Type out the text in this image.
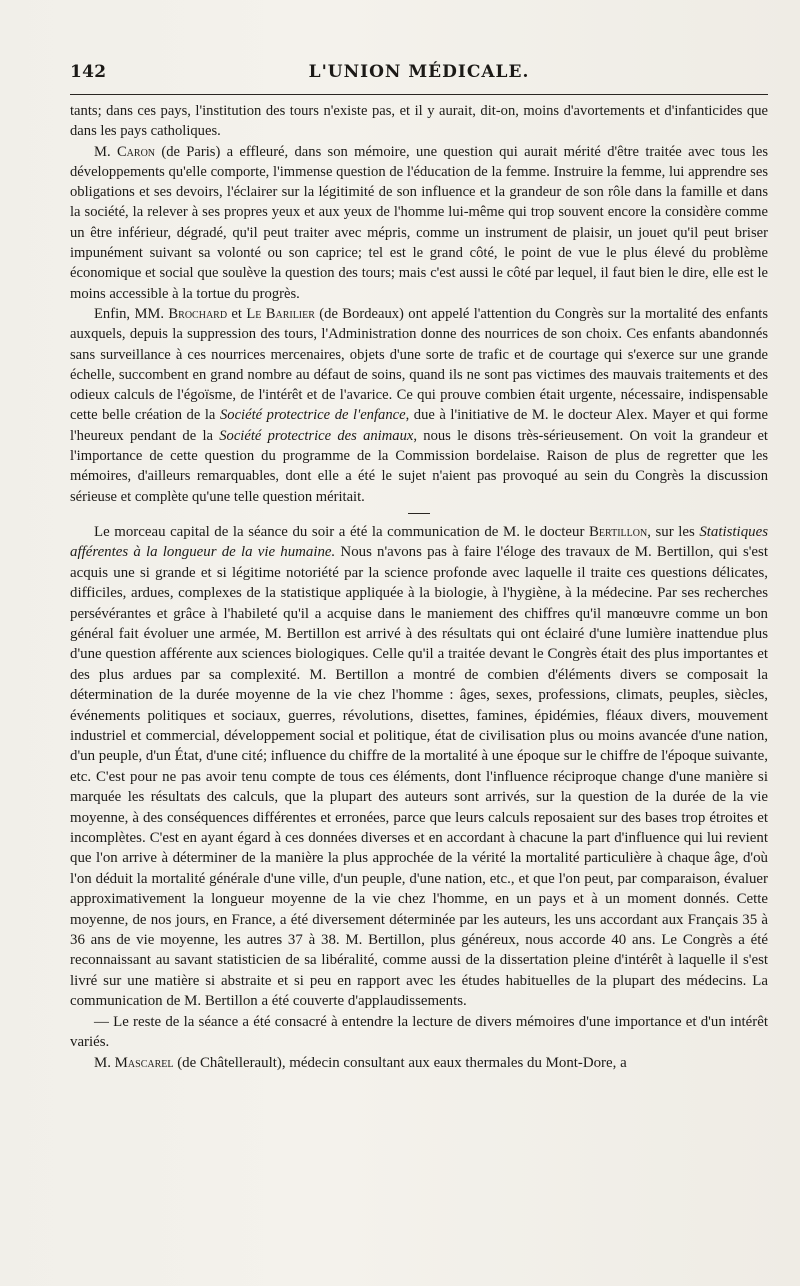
142	L'UNION MÉDICALE.

tants; dans ces pays, l'institution des tours n'existe pas, et il y aurait, dit-on, moins d'avortements et d'infanticides que dans les pays catholiques.

M. Caron (de Paris) a effleuré, dans son mémoire, une question qui aurait mérité d'être traitée avec tous les développements qu'elle comporte, l'immense question de l'éducation de la femme. Instruire la femme, lui apprendre ses obligations et ses devoirs, l'éclairer sur la légitimité de son influence et la grandeur de son rôle dans la famille et dans la société, la relever à ses propres yeux et aux yeux de l'homme lui-même qui trop souvent encore la considère comme un être inférieur, dégradé, qu'il peut traiter avec mépris, comme un instrument de plaisir, un jouet qu'il peut briser impunément suivant sa volonté ou son caprice; tel est le grand côté, le point de vue le plus élevé du problème économique et social que soulève la question des tours; mais c'est aussi le côté par lequel, il faut bien le dire, elle est le moins accessible à la tortue du progrès.

Enfin, MM. Brochard et Le Barilier (de Bordeaux) ont appelé l'attention du Congrès sur la mortalité des enfants auxquels, depuis la suppression des tours, l'Administration donne des nourrices de son choix. Ces enfants abandonnés sans surveillance à ces nourrices mercenaires, objets d'une sorte de trafic et de courtage qui s'exerce sur une grande échelle, succombent en grand nombre au défaut de soins, quand ils ne sont pas victimes des mauvais traitements et des odieux calculs de l'égoïsme, de l'intérêt et de l'avarice. Ce qui prouve combien était urgente, nécessaire, indispensable cette belle création de la Société protectrice de l'enfance, due à l'initiative de M. le docteur Alex. Mayer et qui forme l'heureux pendant de la Société protectrice des animaux, nous le disons très-sérieusement. On voit la grandeur et l'importance de cette question du programme de la Commission bordelaise. Raison de plus de regretter que les mémoires, d'ailleurs remarquables, dont elle a été le sujet n'aient pas provoqué au sein du Congrès la discussion sérieuse et complète qu'une telle question méritait.

Le morceau capital de la séance du soir a été la communication de M. le docteur Bertillon, sur les Statistiques afférentes à la longueur de la vie humaine. Nous n'avons pas à faire l'éloge des travaux de M. Bertillon, qui s'est acquis une si grande et si légitime notoriété par la science profonde avec laquelle il traite ces questions délicates, difficiles, ardues, complexes de la statistique appliquée à la biologie, à l'hygiène, à la médecine. Par ses recherches persévérantes et grâce à l'habileté qu'il a acquise dans le maniement des chiffres qu'il manœuvre comme un bon général fait évoluer une armée, M. Bertillon est arrivé à des résultats qui ont éclairé d'une lumière inattendue plus d'une question afférente aux sciences biologiques. Celle qu'il a traitée devant le Congrès était des plus importantes et des plus ardues par sa complexité. M. Bertillon a montré de combien d'éléments divers se composait la détermination de la durée moyenne de la vie chez l'homme : âges, sexes, professions, climats, peuples, siècles, événements politiques et sociaux, guerres, révolutions, disettes, famines, épidémies, fléaux divers, mouvement industriel et commercial, développement social et politique, état de civilisation plus ou moins avancée d'une nation, d'un peuple, d'un État, d'une cité; influence du chiffre de la mortalité à une époque sur le chiffre de l'époque suivante, etc. C'est pour ne pas avoir tenu compte de tous ces éléments, dont l'influence réciproque change d'une manière si marquée les résultats des calculs, que la plupart des auteurs sont arrivés, sur la question de la durée de la vie moyenne, à des conséquences différentes et erronées, parce que leurs calculs reposaient sur des bases trop étroites et incomplètes. C'est en ayant égard à ces données diverses et en accordant à chacune la part d'influence qui lui revient que l'on arrive à déterminer de la manière la plus approchée de la vérité la mortalité particulière à chaque âge, d'où l'on déduit la mortalité générale d'une ville, d'un peuple, d'une nation, etc., et que l'on peut, par comparaison, évaluer approximativement la longueur moyenne de la vie chez l'homme, en un pays et à un moment donnés. Cette moyenne, de nos jours, en France, a été diversement déterminée par les auteurs, les uns accordant aux Français 35 à 36 ans de vie moyenne, les autres 37 à 38. M. Bertillon, plus généreux, nous accorde 40 ans. Le Congrès a été reconnaissant au savant statisticien de sa libéralité, comme aussi de la dissertation pleine d'intérêt à laquelle il s'est livré sur une matière si abstraite et si peu en rapport avec les études habituelles de la plupart des médecins. La communication de M. Bertillon a été couverte d'applaudissements.

— Le reste de la séance a été consacré à entendre la lecture de divers mémoires d'une importance et d'un intérêt variés.

M. Mascarel (de Châtellerault), médecin consultant aux eaux thermales du Mont-Dore, a
